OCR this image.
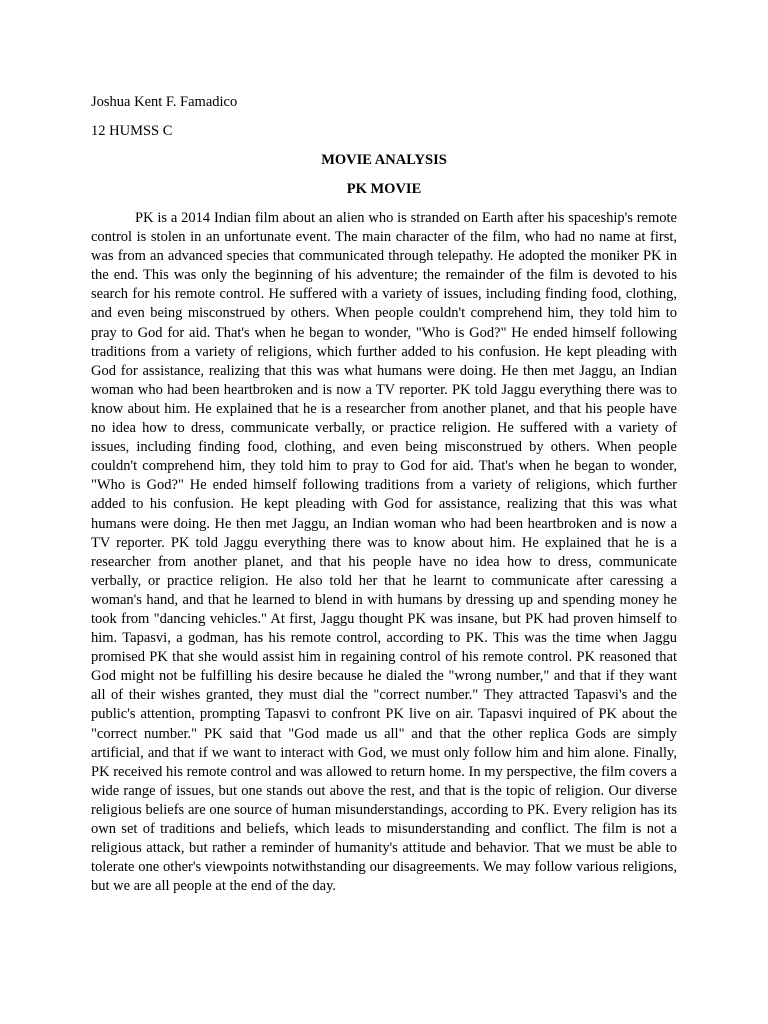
Joshua Kent F. Famadico

12 HUMSS C

MOVIE ANALYSIS

PK MOVIE

PK is a 2014 Indian film about an alien who is stranded on Earth after his spaceship's remote control is stolen in an unfortunate event. The main character of the film, who had no name at first, was from an advanced species that communicated through telepathy. He adopted the moniker PK in the end. This was only the beginning of his adventure; the remainder of the film is devoted to his search for his remote control. He suffered with a variety of issues, including finding food, clothing, and even being misconstrued by others. When people couldn't comprehend him, they told him to pray to God for aid. That's when he began to wonder, "Who is God?" He ended himself following traditions from a variety of religions, which further added to his confusion. He kept pleading with God for assistance, realizing that this was what humans were doing. He then met Jaggu, an Indian woman who had been heartbroken and is now a TV reporter. PK told Jaggu everything there was to know about him. He explained that he is a researcher from another planet, and that his people have no idea how to dress, communicate verbally, or practice religion. He suffered with a variety of issues, including finding food, clothing, and even being misconstrued by others. When people couldn't comprehend him, they told him to pray to God for aid. That's when he began to wonder, "Who is God?" He ended himself following traditions from a variety of religions, which further added to his confusion. He kept pleading with God for assistance, realizing that this was what humans were doing. He then met Jaggu, an Indian woman who had been heartbroken and is now a TV reporter. PK told Jaggu everything there was to know about him. He explained that he is a researcher from another planet, and that his people have no idea how to dress, communicate verbally, or practice religion. He also told her that he learnt to communicate after caressing a woman's hand, and that he learned to blend in with humans by dressing up and spending money he took from "dancing vehicles." At first, Jaggu thought PK was insane, but PK had proven himself to him. Tapasvi, a godman, has his remote control, according to PK. This was the time when Jaggu promised PK that she would assist him in regaining control of his remote control. PK reasoned that God might not be fulfilling his desire because he dialed the "wrong number," and that if they want all of their wishes granted, they must dial the "correct number." They attracted Tapasvi's and the public's attention, prompting Tapasvi to confront PK live on air. Tapasvi inquired of PK about the "correct number." PK said that "God made us all" and that the other replica Gods are simply artificial, and that if we want to interact with God, we must only follow him and him alone. Finally, PK received his remote control and was allowed to return home. In my perspective, the film covers a wide range of issues, but one stands out above the rest, and that is the topic of religion. Our diverse religious beliefs are one source of human misunderstandings, according to PK. Every religion has its own set of traditions and beliefs, which leads to misunderstanding and conflict. The film is not a religious attack, but rather a reminder of humanity's attitude and behavior. That we must be able to tolerate one other's viewpoints notwithstanding our disagreements. We may follow various religions, but we are all people at the end of the day.
